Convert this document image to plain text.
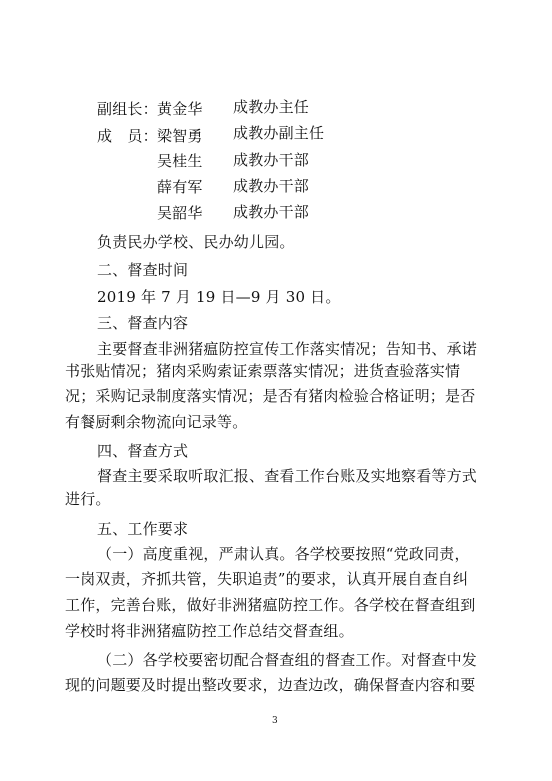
副组长： 黄金华 成教办主任
成　员： 梁智勇 成教办副主任
吴桂生 成教办干部
薛有军 成教办干部
吴韶华 成教办干部
负责民办学校、民办幼儿园。
二、督查时间
2019 年 7 月 19 日—9 月 30 日。
三、督查内容
主要督查非洲猪瘟防控宣传工作落实情况；告知书、承诺
书张贴情况；猪肉采购索证索票落实情况；进货查验落实情
况；采购记录制度落实情况；是否有猪肉检验合格证明；是否
有餐厨剩余物流向记录等。
四、督查方式
督查主要采取听取汇报、查看工作台账及实地察看等方式
进行。
五、工作要求
（一）高度重视，严肃认真。各学校要按照“党政同责，
一岗双责，齐抓共管，失职追责”的要求，认真开展自查自纠
工作，完善台账，做好非洲猪瘟防控工作。各学校在督查组到
学校时将非洲猪瘟防控工作总结交督查组。
（二）各学校要密切配合督查组的督查工作。对督查中发
现的问题要及时提出整改要求，边查边改，确保督查内容和要
3
